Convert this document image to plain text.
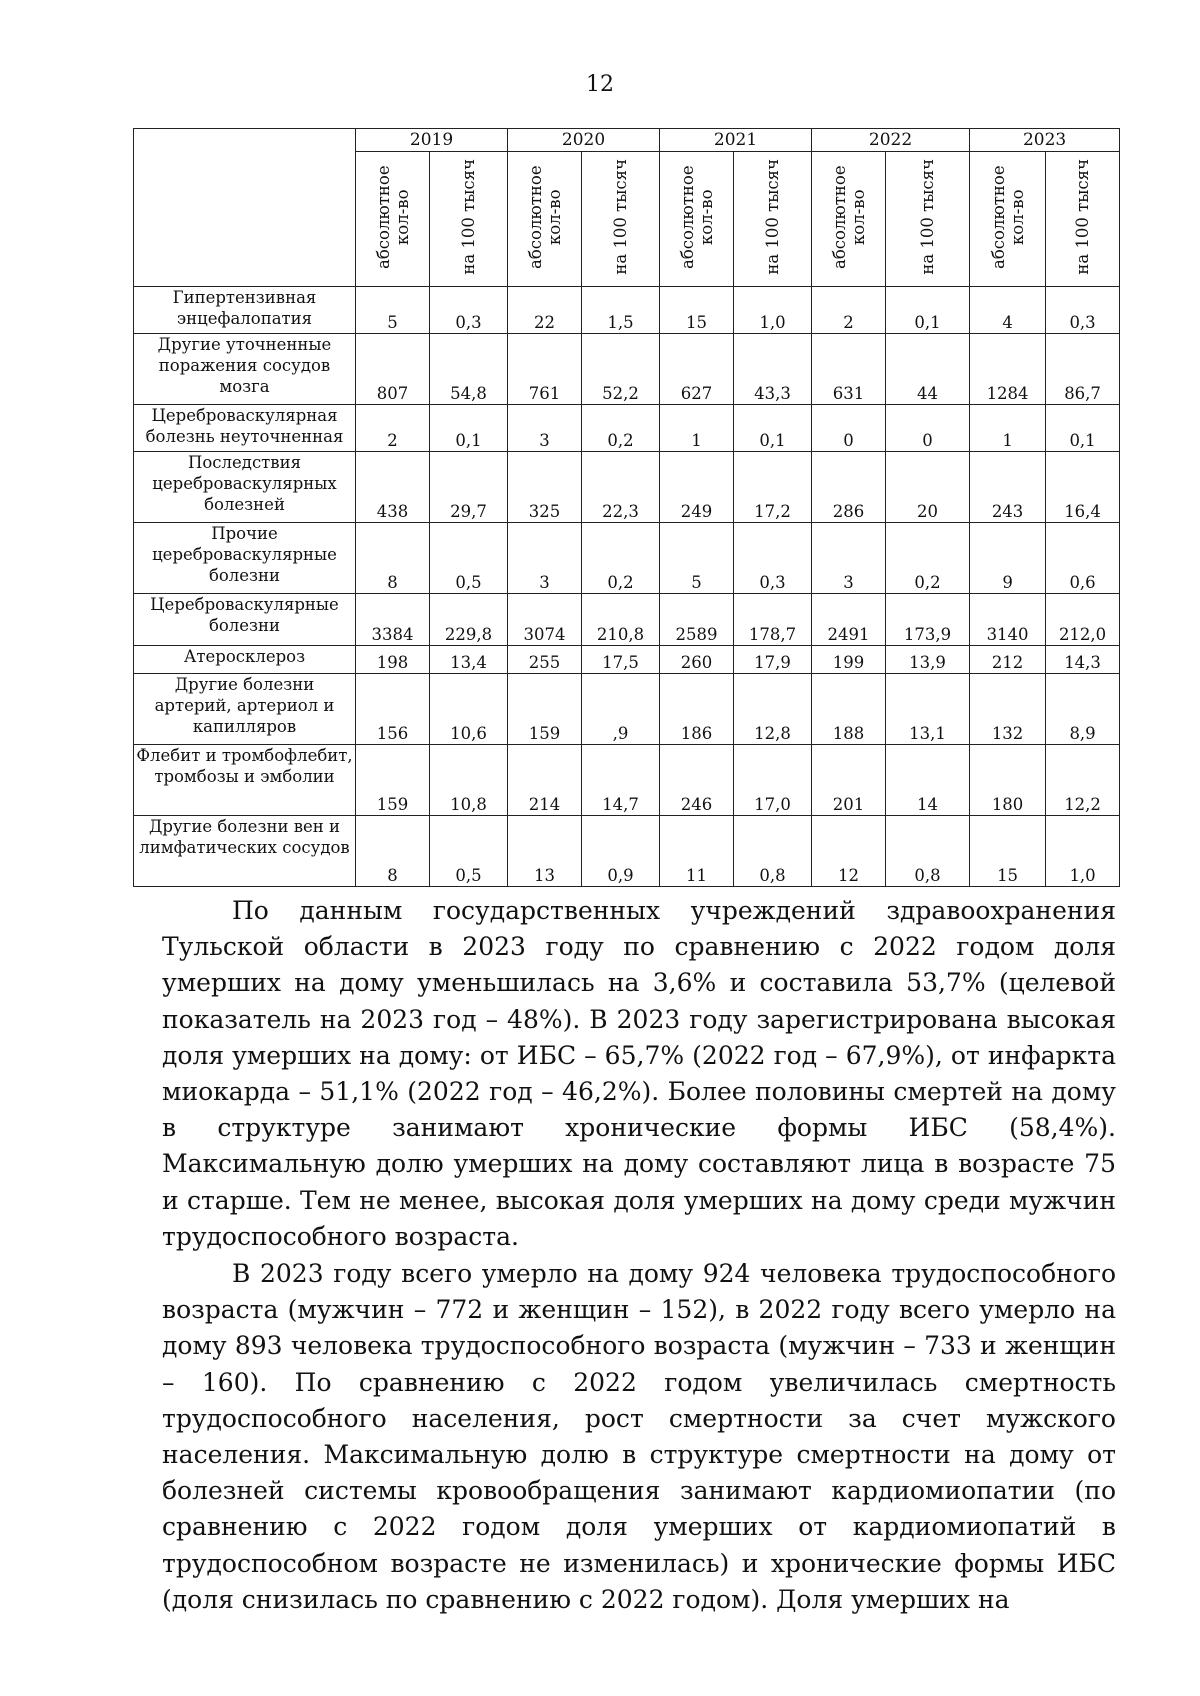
12
	2019		2020		2021		2022		2023	
	абсолютное кол-во	на 100 тысяч	абсолютное кол-во	на 100 тысяч	абсолютное кол-во	на 100 тысяч	абсолютное кол-во	на 100 тысяч	абсолютное кол-во	на 100 тысяч
Гипертензивная энцефалопатия	5	0,3	22	1,5	15	1,0	2	0,1	4	0,3
Другие уточненные поражения сосудов мозга	807	54,8	761	52,2	627	43,3	631	44	1284	86,7
Цереброваскулярная болезнь неуточненная	2	0,1	3	0,2	1	0,1	0	0	1	0,1
Последствия цереброваскулярных болезней	438	29,7	325	22,3	249	17,2	286	20	243	16,4
Прочие цереброваскулярные болезни	8	0,5	3	0,2	5	0,3	3	0,2	9	0,6
Цереброваскулярные болезни	3384	229,8	3074	210,8	2589	178,7	2491	173,9	3140	212,0
Атеросклероз	198	13,4	255	17,5	260	17,9	199	13,9	212	14,3
Другие болезни артерий, артериол и капилляров	156	10,6	159	,9	186	12,8	188	13,1	132	8,9
Флебит и тромбофлебит, тромбозы и эмболии	159	10,8	214	14,7	246	17,0	201	14	180	12,2
Другие болезни вен и лимфатических сосудов	8	0,5	13	0,9	11	0,8	12	0,8	15	1,0

По данным государственных учреждений здравоохранения Тульской области в 2023 году по сравнению с 2022 годом доля умерших на дому уменьшилась на 3,6% и составила 53,7% (целевой показатель на 2023 год – 48%). В 2023 году зарегистрирована высокая доля умерших на дому: от ИБС – 65,7% (2022 год – 67,9%), от инфаркта миокарда – 51,1% (2022 год – 46,2%). Более половины смертей на дому в структуре занимают хронические формы ИБС (58,4%). Максимальную долю умерших на дому составляют лица в возрасте 75 и старше. Тем не менее, высокая доля умерших на дому среди мужчин трудоспособного возраста.

В 2023 году всего умерло на дому 924 человека трудоспособного возраста (мужчин – 772 и женщин – 152), в 2022 году всего умерло на дому 893 человека трудоспособного возраста (мужчин – 733 и женщин – 160). По сравнению с 2022 годом увеличилась смертность трудоспособного населения, рост смертности за счет мужского населения. Максимальную долю в структуре смертности на дому от болезней системы кровообращения занимают кардиомиопатии (по сравнению с 2022 годом доля умерших от кардиомиопатий в трудоспособном возрасте не изменилась) и хронические формы ИБС (доля снизилась по сравнению с 2022 годом). Доля умерших на
